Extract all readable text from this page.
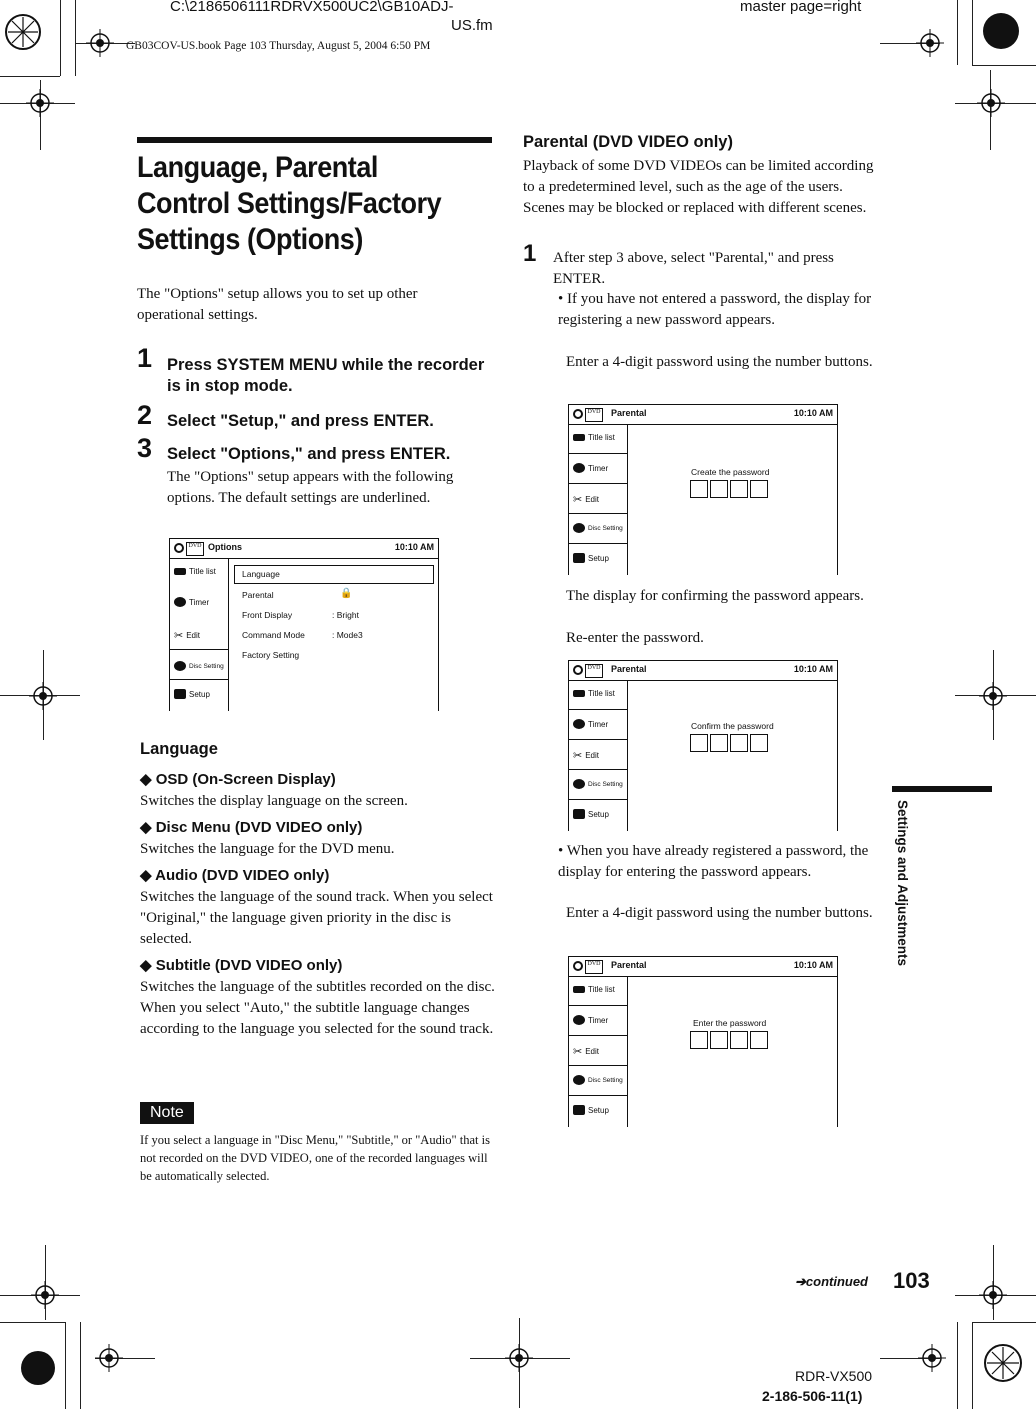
C:\2186506111RDRVX500UC2\GB10ADJ-
US.fm
master page=right
GB03COV-US.book Page 103 Thursday, August 5, 2004 6:50 PM
Language, Parental Control Settings/Factory Settings (Options)

The "Options" setup allows you to set up other operational settings.

1 Press SYSTEM MENU while the recorder is in stop mode.
2 Select "Setup," and press ENTER.
3 Select "Options," and press ENTER.

The "Options" setup appears with the following options. The default settings are underlined.

DVD Options	10:10 AM
Title list
Timer
✂ Edit
Disc Setting
Setup
Language
Parental	🔒
Front Display	: Bright
Command Mode	: Mode3
Factory Setting
Language
◆ OSD (On-Screen Display)

Switches the display language on the screen.

◆ Disc Menu (DVD VIDEO only)

Switches the language for the DVD menu.

◆ Audio (DVD VIDEO only)

Switches the language of the sound track. When you select "Original," the language given priority in the disc is selected.

◆ Subtitle (DVD VIDEO only)

Switches the language of the subtitles recorded on the disc. When you select "Auto," the subtitle language changes according to the language you selected for the sound track.

Note

If you select a language in "Disc Menu," "Subtitle," or "Audio" that is not recorded on the DVD VIDEO, one of the recorded languages will be automatically selected.

Parental (DVD VIDEO only)

Playback of some DVD VIDEOs can be limited according to a predetermined level, such as the age of the users. Scenes may be blocked or replaced with different scenes.

1 After step 3 above, select "Parental," and press ENTER.

• If you have not entered a password, the display for registering a new password appears.

Enter a 4-digit password using the number buttons.

DVD Parental	10:10 AM
Title list
Timer
✂ Edit
Disc Setting
Setup
Create the password

The display for confirming the password appears.

Re-enter the password.

DVD Parental	10:10 AM
Title list
Timer
✂ Edit
Disc Setting
Setup
Confirm the password

• When you have already registered a password, the display for entering the password appears.

Enter a 4-digit password using the number buttons.

DVD Parental	10:10 AM
Title list
Timer
✂ Edit
Disc Setting
Setup
Enter the password
Settings and Adjustments
➔continued 103
RDR-VX500
2-186-506-11(1)
